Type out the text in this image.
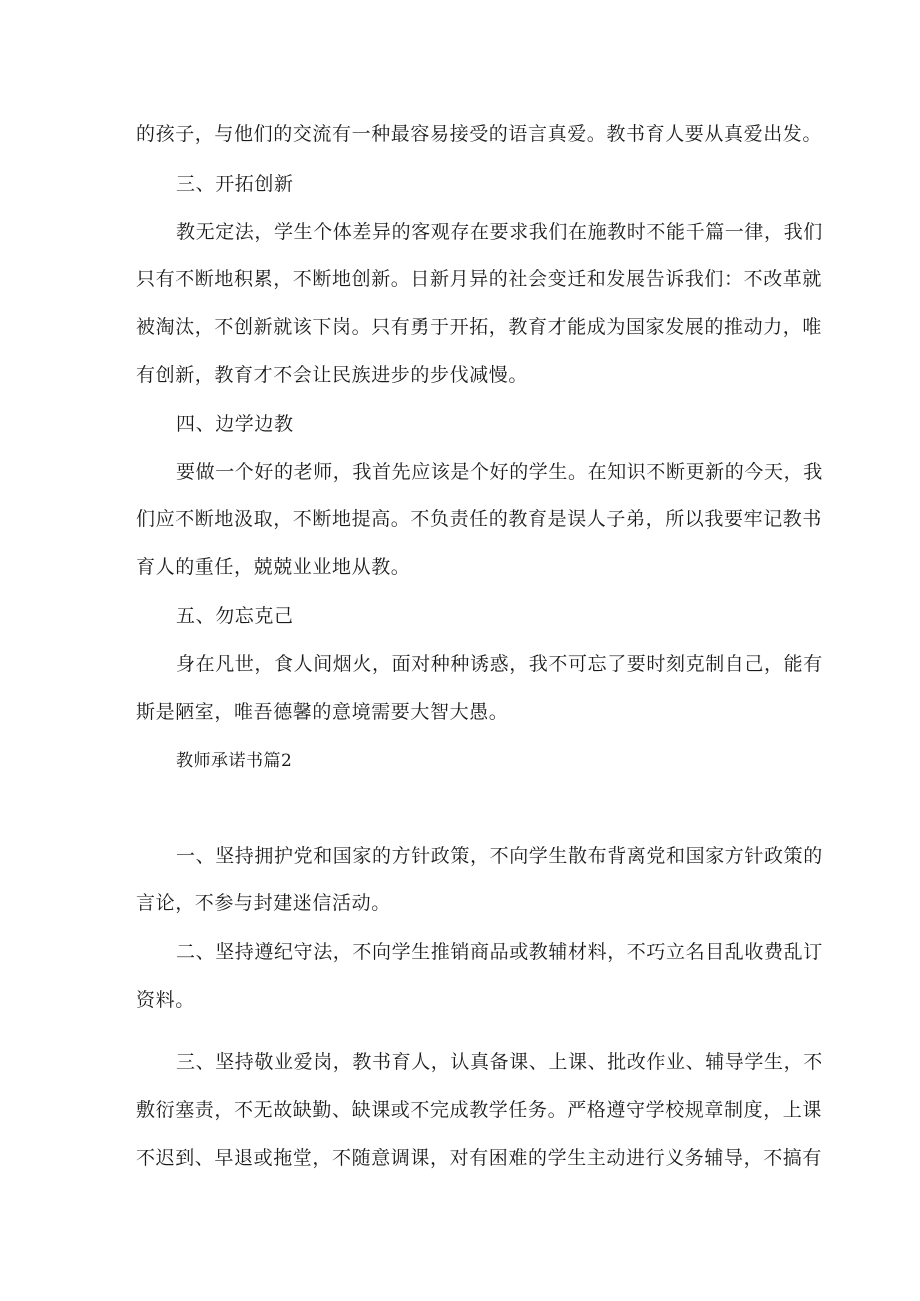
的孩子，与他们的交流有一种最容易接受的语言真爱。教书育人要从真爱出发。
三、开拓创新
教无定法，学生个体差异的客观存在要求我们在施教时不能千篇一律，我们
只有不断地积累，不断地创新。日新月异的社会变迁和发展告诉我们：不改革就
被淘汰，不创新就该下岗。只有勇于开拓，教育才能成为国家发展的推动力，唯
有创新，教育才不会让民族进步的步伐减慢。
四、边学边教
要做一个好的老师，我首先应该是个好的学生。在知识不断更新的今天，我
们应不断地汲取，不断地提高。不负责任的教育是误人子弟，所以我要牢记教书
育人的重任，兢兢业业地从教。
五、勿忘克己
身在凡世，食人间烟火，面对种种诱惑，我不可忘了要时刻克制自己，能有
斯是陋室，唯吾德馨的意境需要大智大愚。
教师承诺书篇2
一、坚持拥护党和国家的方针政策，不向学生散布背离党和国家方针政策的
言论，不参与封建迷信活动。
二、坚持遵纪守法，不向学生推销商品或教辅材料，不巧立名目乱收费乱订
资料。
三、坚持敬业爱岗，教书育人，认真备课、上课、批改作业、辅导学生，不
敷衍塞责，不无故缺勤、缺课或不完成教学任务。严格遵守学校规章制度，上课
不迟到、早退或拖堂，不随意调课，对有困难的学生主动进行义务辅导，不搞有
